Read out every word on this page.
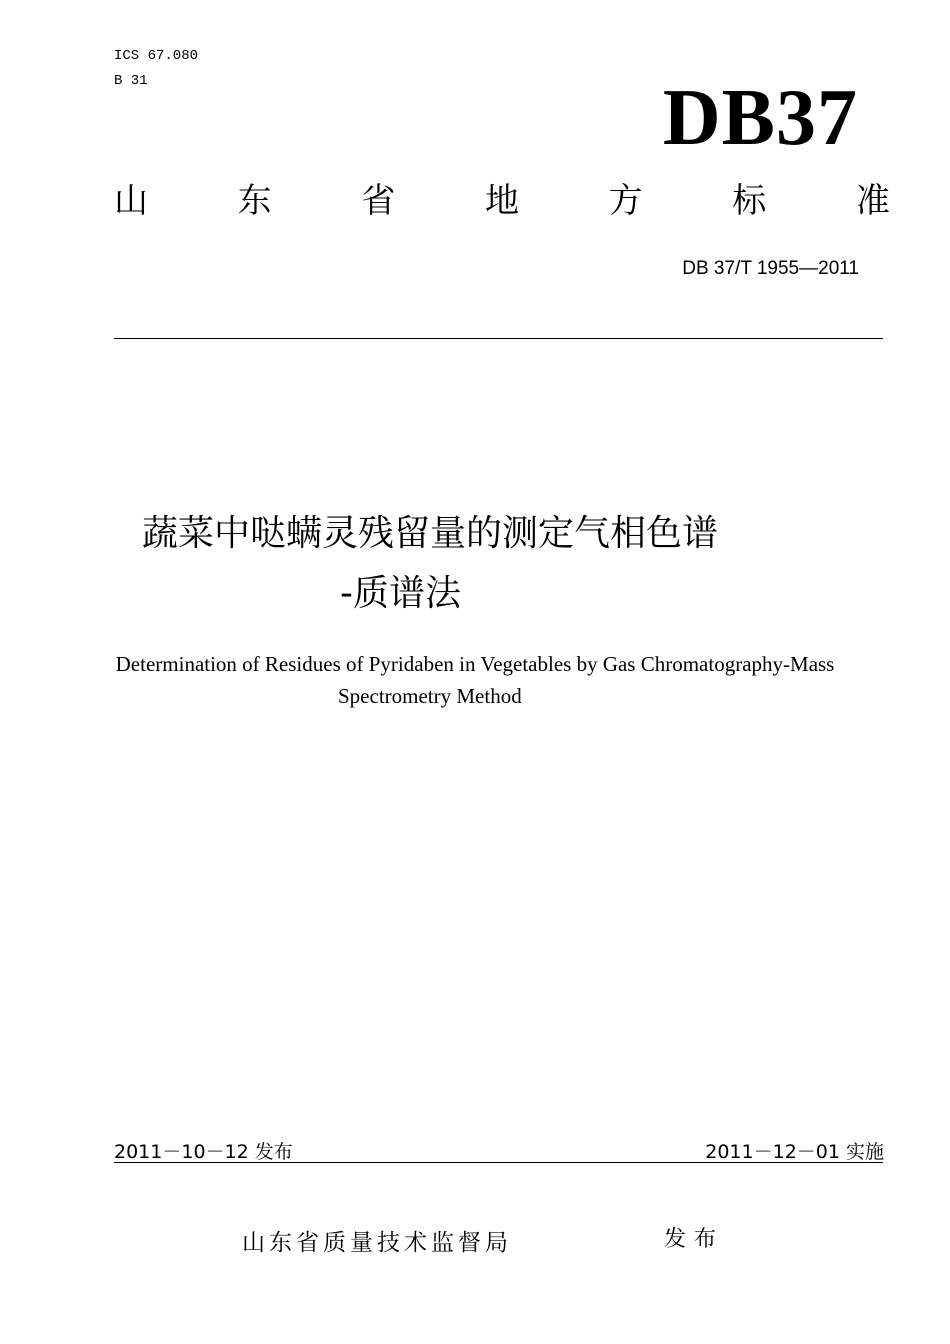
ICS 67.080
B 31	DB37
山	东	省	地	方	标	准
DB 37/T 1955—2011
蔬菜中哒螨灵残留量的测定气相色谱
-质谱法
Determination of Residues of Pyridaben in Vegetables by Gas Chromatography-Mass
Spectrometry Method
2011－10－12 发布	2011－12－01 实施
山东省质量技术监督局	发布
